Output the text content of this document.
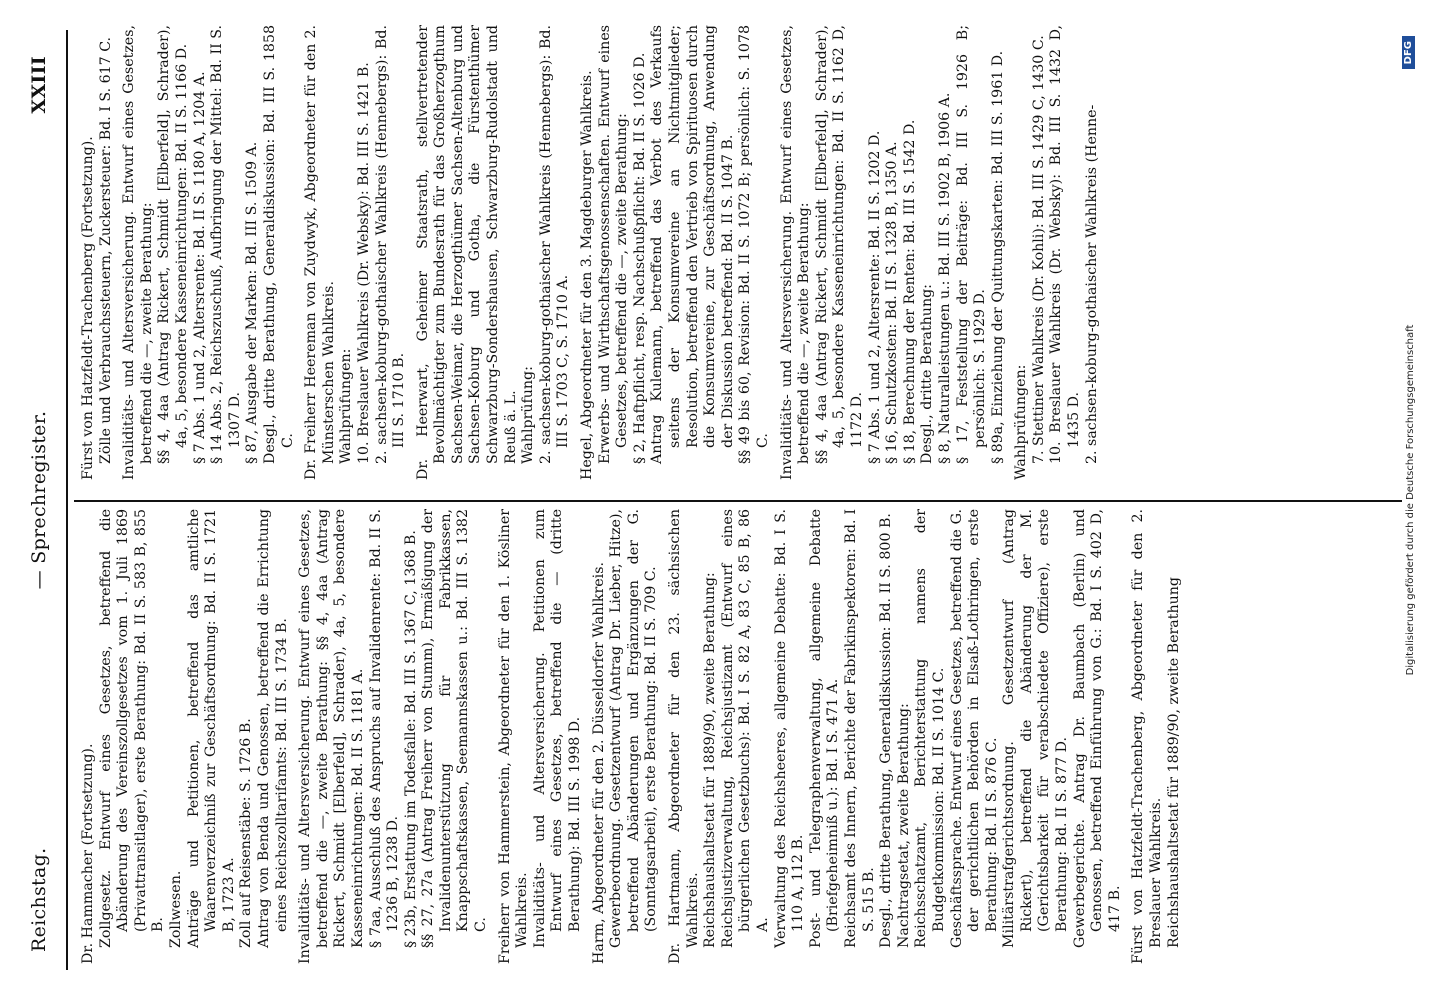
Reichstag.
— Sprechregister.
XXIII
Dr. Hammacher (Fortsetzung). Zollgesetz. Entwurf eines Gesetzes, betreffend die Abänderung des Vereinszollgesetzes vom 1. Juli 1869 (Privattransitlager), erste Berathung: Bd. II S. 583 B, 855 B. Zollwesen. Anträge und Petitionen, betreffend das amtliche Waarenverzeichniß zur Geschäftsordnung: Bd. II S. 1721 B, 1723 A. Zoll auf Reisenstäbe: S. 1726 B. Antrag von Benda und Genossen, betreffend die Errichtung eines Reichszolltarifamts: Bd. III S. 1734 B. Invaliditäts- und Altersversicherung. Entwurf eines Gesetzes, betreffend die —, zweite Berathung: §§ 4, 4aa (Antrag Rickert, Schmidt [Elberfeld], Schrader), 4a, 5, besondere Kasseneinrichtungen: Bd. II S. 1181 A. § 7aa, Ausschluß des Anspruchs auf Invalidenrente: Bd. II S. 1236 B, 1238 D. § 23b, Erstattung im Todesfalle: Bd. III S. 1367 C, 1368 B. §§ 27, 27a (Antrag Freiherr von Stumm), Ermäßigung der Invalidenunterstützung für Fabrikkassen, Knappschaftskassen, Seemannskassen u.: Bd. III S. 1382 C. Freiherr von Hammerstein, Abgeordneter für den 1. Kösliner Wahlkreis. Invaliditäts- und Altersversicherung. Petitionen zum Entwurf eines Gesetzes, betreffend die — (dritte Berathung): Bd. III S. 1998 D. Harm, Abgeordneter für den 2. Düsseldorfer Wahlkreis. Gewerbeordnung. Gesetzentwurf (Antrag Dr. Lieber, Hitze), betreffend Abänderungen und Ergänzungen der G. (Sonntagsarbeit), erste Berathung: Bd. II S. 709 C. Dr. Hartmann, Abgeordneter für den 23. sächsischen Wahlkreis. Reichshaushaltsetat für 1889/90, zweite Berathung: Reichsjustizverwaltung, Reichsjustizamt (Entwurf eines bürgerlichen Gesetzbuchs): Bd. I S. 82 A, 83 C, 85 B, 86 A. Verwaltung des Reichsheeres, allgemeine Debatte: Bd. I S. 110 A, 112 B. Post- und Telegraphenverwaltung, allgemeine Debatte (Briefgeheimniß u.): Bd. I S. 471 A. Reichsamt des Innern, Berichte der Fabrikinspektoren: Bd. I S. 515 B. Desgl., dritte Berathung, Generaldiskussion: Bd. II S. 800 B. Nachtragsetat, zweite Berathung: Reichsschatzamt, Berichterstattung namens der Budgetkommission: Bd. II S. 1014 C. Geschäftssprache. Entwurf eines Gesetzes, betreffend die G. der gerichtlichen Behörden in Elsaß-Lothringen, erste Berathung: Bd. II S. 876 C. Militärstrafgerichtsordnung. Gesetzentwurf (Antrag Rickert), betreffend die Abänderung der M. (Gerichtsbarkeit für verabschiedete Offiziere), erste Berathung: Bd. II S. 877 D. Gewerbegerichte. Antrag Dr. Baumbach (Berlin) und Genossen, betreffend Einführung von G.: Bd. I S. 402 D, 417 B. Fürst von Hatzfeldt-Trachenberg, Abgeordneter für den 2. Breslauer Wahlkreis. Reichshaushaltsetat für 1889/90, zweite Berathung
Fürst von Hatzfeldt-Trachenberg (Fortsetzung). Zölle und Verbrauchssteuern, Zuckersteuer: Bd. I S. 617 C. Invaliditäts- und Altersversicherung. Entwurf eines Gesetzes, betreffend die —, zweite Berathung: §§ 4, 4aa (Antrag Rickert, Schmidt [Elberfeld], Schrader), 4a, 5, besondere Kasseneinrichtungen: Bd. II S. 1166 D. § 7 Abs. 1 und 2, Altersrente: Bd. II S. 1180 A, 1204 A. § 14 Abs. 2, Reichszuschuß, Aufbringung der Mittel: Bd. II S. 1307 D. § 87, Ausgabe der Marken: Bd. III S. 1509 A. Desgl., dritte Berathung, Generaldiskussion: Bd. III S. 1858 C. Dr. Freiherr Heereman von Zuydwyk, Abgeordneter für den 2. Münsterschen Wahlkreis. Wahlprüfungen: 10. Breslauer Wahlkreis (Dr. Websky): Bd. III S. 1421 B. 2. sachsen-koburg-gothaischer Wahlkreis (Hennebergs): Bd. III S. 1710 B. Dr. Heerwart, Geheimer Staatsrath, stellvertretender Bevollmächtigter zum Bundesrath für das Großherzogthum Sachsen-Weimar, die Herzogthümer Sachsen-Altenburg und Sachsen-Koburg und Gotha, die Fürstenthümer Schwarzburg-Sondershausen, Schwarzburg-Rudolstadt und Reuß ä. L. Wahlprüfung: 2. sachsen-koburg-gothaischer Wahlkreis (Hennebergs): Bd. III S. 1703 C, S. 1710 A. Hegel, Abgeordneter für den 3. Magdeburger Wahlkreis. Erwerbs- und Wirthschaftsgenossenschaften. Entwurf eines Gesetzes, betreffend die —, zweite Berathung: § 2, Haftpflicht, resp. Nachschußpflicht: Bd. II S. 1026 D. Antrag Kulemann, betreffend das Verbot des Verkaufs seitens der Konsumvereine an Nichtmitglieder; Resolution, betreffend den Vertrieb von Spirituosen durch die Konsumvereine, zur Geschäftsordnung, Anwendung der Diskussion betreffend: Bd. II S. 1047 B. §§ 49 bis 60, Revision: Bd. II S. 1072 B; persönlich: S. 1078 C. Invaliditäts- und Altersversicherung. Entwurf eines Gesetzes, betreffend die —, zweite Berathung: §§ 4, 4aa (Antrag Rickert, Schmidt [Elberfeld], Schrader), 4a, 5, besondere Kasseneinrichtungen: Bd. II S. 1162 D, 1172 D. § 7 Abs. 1 und 2, Altersrente: Bd. II S. 1202 D. § 16, Schutzkosten: Bd. II S. 1328 B, 1350 A. § 18, Berechnung der Renten: Bd. III S. 1542 D. Desgl., dritte Berathung: § 8, Naturalleistungen u.: Bd. III S. 1902 B, 1906 A. § 17, Feststellung der Beiträge: Bd. III S. 1926 B; persönlich: S. 1929 D. § 89a, Einziehung der Quittungskarten: Bd. III S. 1961 D. Wahlprüfungen: 7. Stettiner Wahlkreis (Dr. Kohli): Bd. III S. 1429 C, 1430 C. 10. Breslauer Wahlkreis (Dr. Websky): Bd. III S. 1432 D, 1435 D. 2. sachsen-koburg-gothaischer Wahlkreis (Henne-
Digitalisierung gefördert durch die Deutsche Forschungsgemeinschaft
DFG
